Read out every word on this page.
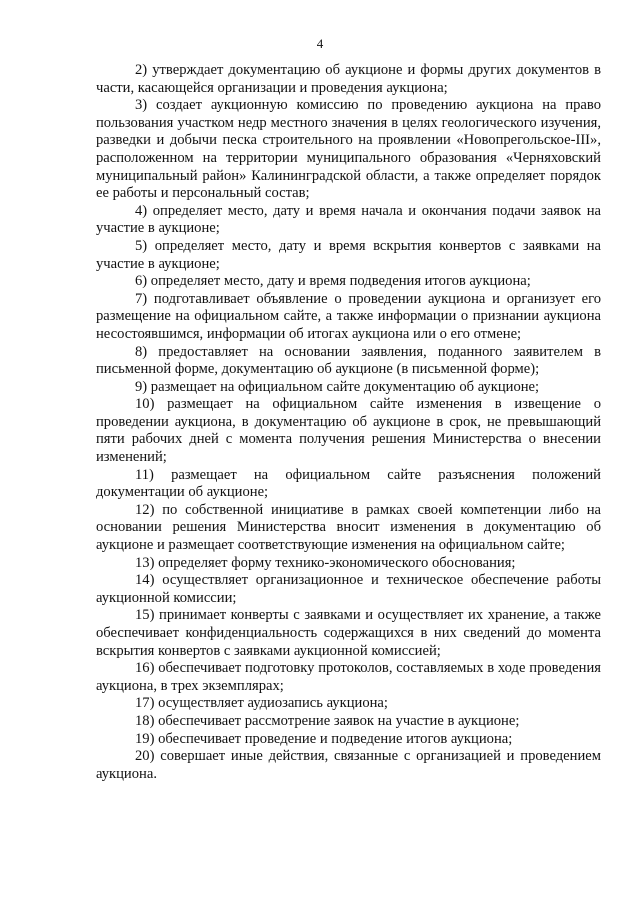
4

2) утверждает документацию об аукционе и формы других документов в части, касающейся организации и проведения аукциона;

3) создает аукционную комиссию по проведению аукциона на право пользования участком недр местного значения в целях геологического изучения, разведки и добычи песка строительного на проявлении «Новопрегольское-III», расположенном на территории муниципального образования «Черняховский муниципальный район» Калининградской области, а также определяет порядок ее работы и персональный состав;

4) определяет место, дату и время начала и окончания подачи заявок на участие в аукционе;

5) определяет место, дату и время вскрытия конвертов с заявками на участие в аукционе;

6) определяет место, дату и время подведения итогов аукциона;

7) подготавливает объявление о проведении аукциона и организует его размещение на официальном сайте, а также информации о признании аукциона несостоявшимся, информации об итогах аукциона или о его отмене;

8) предоставляет на основании заявления, поданного заявителем в письменной форме, документацию об аукционе (в письменной форме);

9) размещает на официальном сайте документацию об аукционе;

10) размещает на официальном сайте изменения в извещение о проведении аукциона, в документацию об аукционе в срок, не превышающий пяти рабочих дней с момента получения решения Министерства о внесении изменений;

11) размещает на официальном сайте разъяснения положений документации об аукционе;

12) по собственной инициативе в рамках своей компетенции либо на основании решения Министерства вносит изменения в документацию об аукционе и размещает соответствующие изменения на официальном сайте;

13) определяет форму технико-экономического обоснования;

14) осуществляет организационное и техническое обеспечение работы аукционной комиссии;

15) принимает конверты с заявками и осуществляет их хранение, а также обеспечивает конфиденциальность содержащихся в них сведений до момента вскрытия конвертов с заявками аукционной комиссией;

16) обеспечивает подготовку протоколов, составляемых в ходе проведения аукциона, в трех экземплярах;

17) осуществляет аудиозапись аукциона;

18) обеспечивает рассмотрение заявок на участие в аукционе;

19) обеспечивает проведение и подведение итогов аукциона;

20) совершает иные действия, связанные с организацией и проведением аукциона.
